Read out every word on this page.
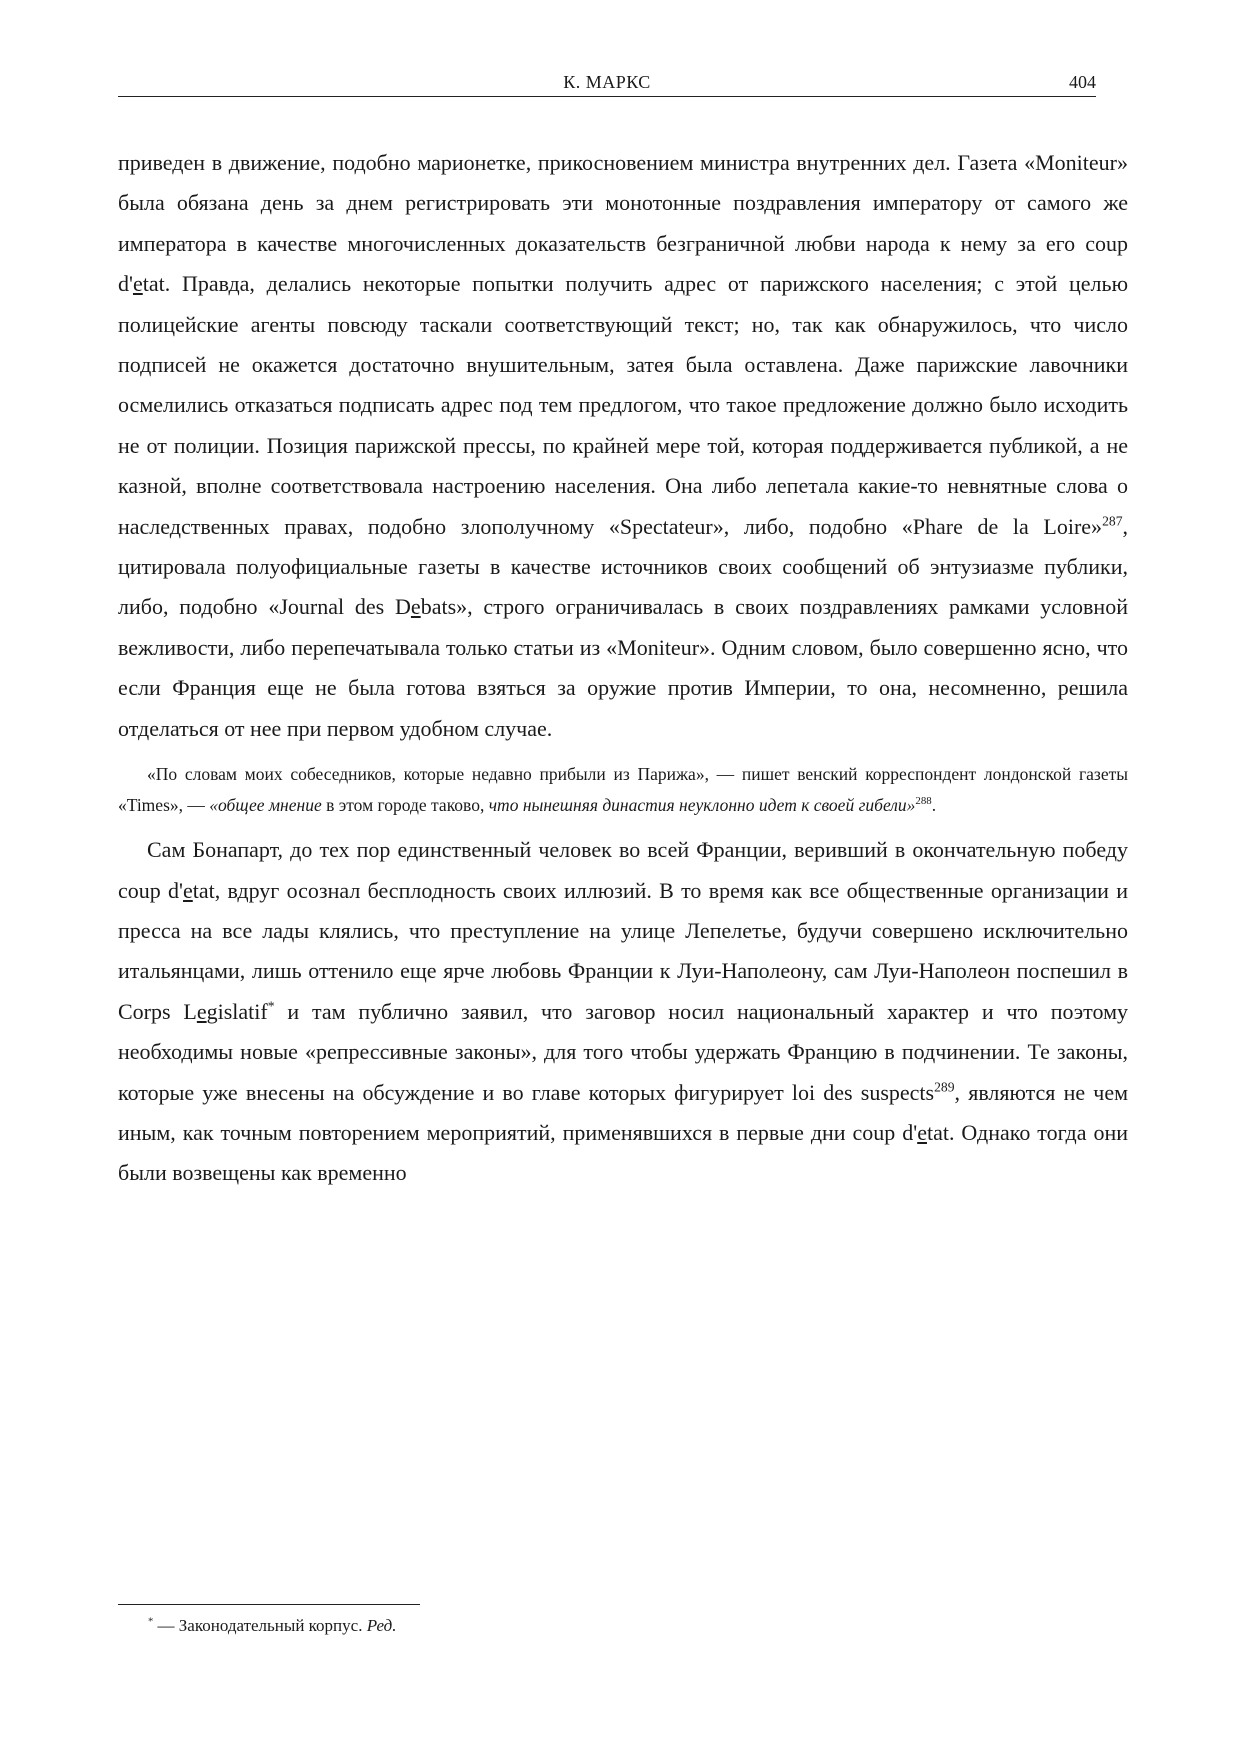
К. МАРКС	404

приведен в движение, подобно марионетке, прикосновением министра внутренних дел. Газета «Moniteur» была обязана день за днем регистрировать эти монотонные поздравления императору от самого же императора в качестве многочисленных доказательств безграничной любви народа к нему за его coup d'etat. Правда, делались некоторые попытки получить адрес от парижского населения; с этой целью полицейские агенты повсюду таскали соответствующий текст; но, так как обнаружилось, что число подписей не окажется достаточно внушительным, затея была оставлена. Даже парижские лавочники осмелились отказаться подписать адрес под тем предлогом, что такое предложение должно было исходить не от полиции. Позиция парижской прессы, по крайней мере той, которая поддерживается публикой, а не казной, вполне соответствовала настроению населения. Она либо лепетала какие-то невнятные слова о наследственных правах, подобно злополучному «Spectateur», либо, подобно «Phare de la Loire»$^{287}$, цитировала полуофициальные газеты в качестве источников своих сообщений об энтузиазме публики, либо, подобно «Journal des Debats», строго ограничивалась в своих поздравлениях рамками условной вежливости, либо перепечатывала только статьи из «Moniteur». Одним словом, было совершенно ясно, что если Франция еще не была готова взяться за оружие против Империи, то она, несомненно, решила отделаться от нее при первом удобном случае.

«По словам моих собеседников, которые недавно прибыли из Парижа», — пишет венский корреспондент лондонской газеты «Times», — «общее мнение в этом городе таково, что нынешняя династия неуклонно идет к своей гибели»$^{288}$.

Сам Бонапарт, до тех пор единственный человек во всей Франции, веривший в окончательную победу coup d'etat, вдруг осознал бесплодность своих иллюзий. В то время как все общественные организации и пресса на все лады клялись, что преступление на улице Лепелетье, будучи совершено исключительно итальянцами, лишь оттенило еще ярче любовь Франции к Луи-Наполеону, сам Луи-Наполеон поспешил в Corps Legislatif* и там публично заявил, что заговор носил национальный характер и что поэтому необходимы новые «репрессивные законы», для того чтобы удержать Францию в подчинении. Те законы, которые уже внесены на обсуждение и во главе которых фигурирует loi des suspects$^{289}$, являются не чем иным, как точным повторением мероприятий, применявшихся в первые дни coup d'etat. Однако тогда они были возвещены как временно

* — Законодательный корпус. Ред.
